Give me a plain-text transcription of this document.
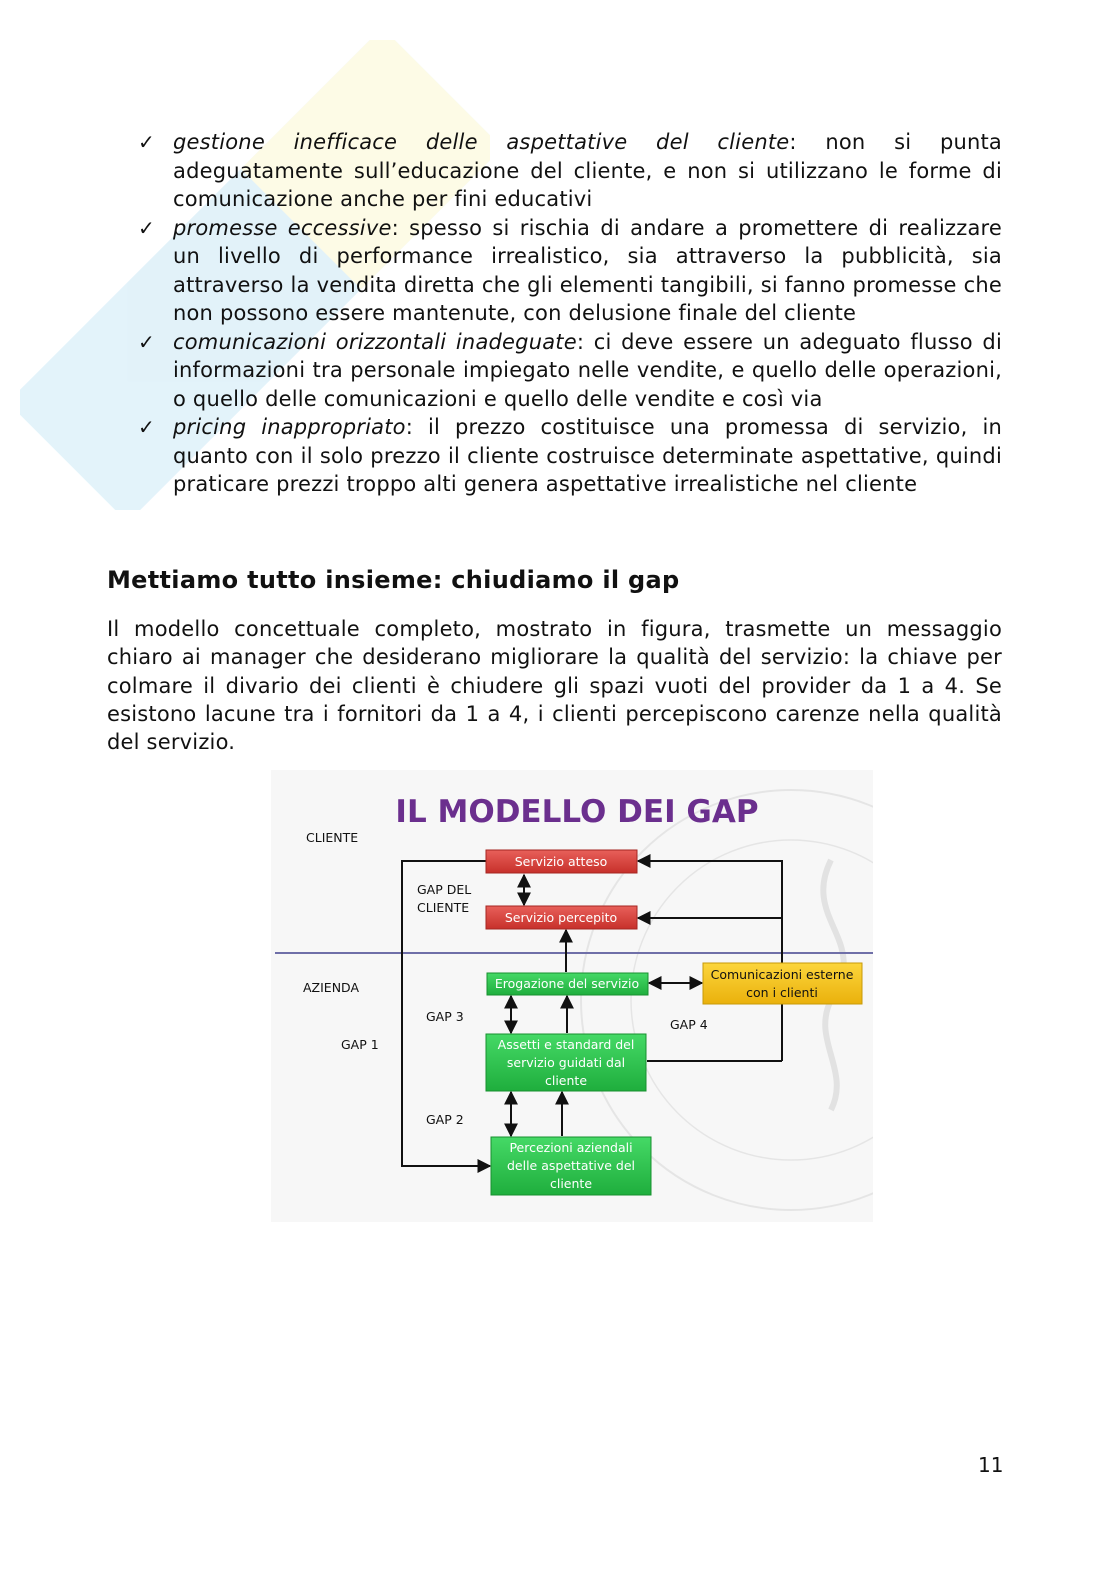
✓ gestione inefficace delle aspettative del cliente: non si punta adeguatamente sull’educazione del cliente, e non si utilizzano le forme di comunicazione anche per fini educativi
✓ promesse eccessive: spesso si rischia di andare a promettere di realizzare un livello di performance irrealistico, sia attraverso la pubblicità, sia attraverso la vendita diretta che gli elementi tangibili, si fanno promesse che non possono essere mantenute, con delusione finale del cliente
✓ comunicazioni orizzontali inadeguate: ci deve essere un adeguato flusso di informazioni tra personale impiegato nelle vendite, e quello delle operazioni, o quello delle comunicazioni e quello delle vendite e così via
✓ pricing inappropriato: il prezzo costituisce una promessa di servizio, in quanto con il solo prezzo il cliente costruisce determinate aspettative, quindi praticare prezzi troppo alti genera aspettative irrealistiche nel cliente
Mettiamo tutto insieme: chiudiamo il gap

Il modello concettuale completo, mostrato in figura, trasmette un messaggio chiaro ai manager che desiderano migliorare la qualità del servizio: la chiave per colmare il divario dei clienti è chiudere gli spazi vuoti del provider da 1 a 4. Se esistono lacune tra i fornitori da 1 a 4, i clienti percepiscono carenze nella qualità del servizio.

IL MODELLO DEI GAP
CLIENTE
GAP DEL
CLIENTE
AZIENDA
GAP 1
GAP 3
GAP 2
GAP 4
Servizio atteso
Servizio percepito
Erogazione del servizio
Comunicazioni esterne
con i clienti
Assetti e standard del
servizio guidati dal
cliente
Percezioni aziendali
delle aspettative del
cliente
11
